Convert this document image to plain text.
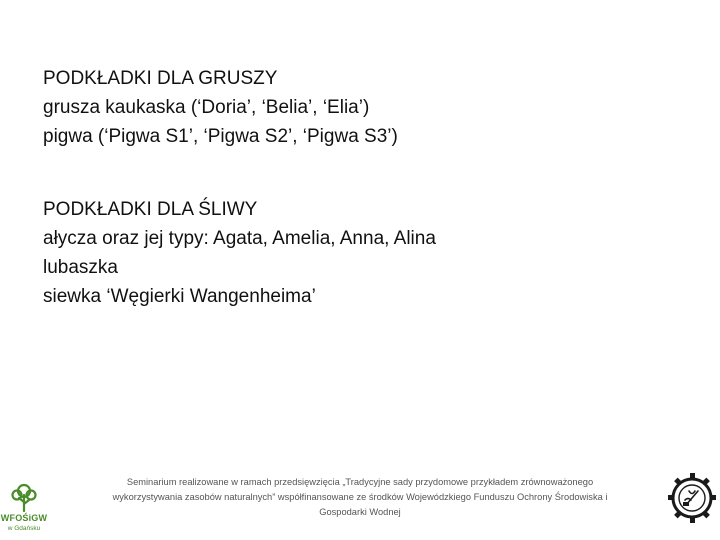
PODKŁADKI DLA GRUSZY

grusza kaukaska (‘Doria’, ‘Belia’, ‘Elia’)

pigwa (‘Pigwa S1’, ‘Pigwa S2’, ‘Pigwa S3’)

PODKŁADKI DLA ŚLIWY

ałycza oraz jej typy: Agata, Amelia, Anna, Alina

lubaszka

siewka ‘Węgierki Wangenheima’

WFOŚiGW
w Gdańsku
Seminarium realizowane w ramach przedsięwzięcia „Tradycyjne sady przydomowe przykładem zrównoważonego
wykorzystywania zasobów naturalnych” współfinansowane ze środków Wojewódzkiego Funduszu Ochrony Środowiska i
Gospodarki Wodnej
